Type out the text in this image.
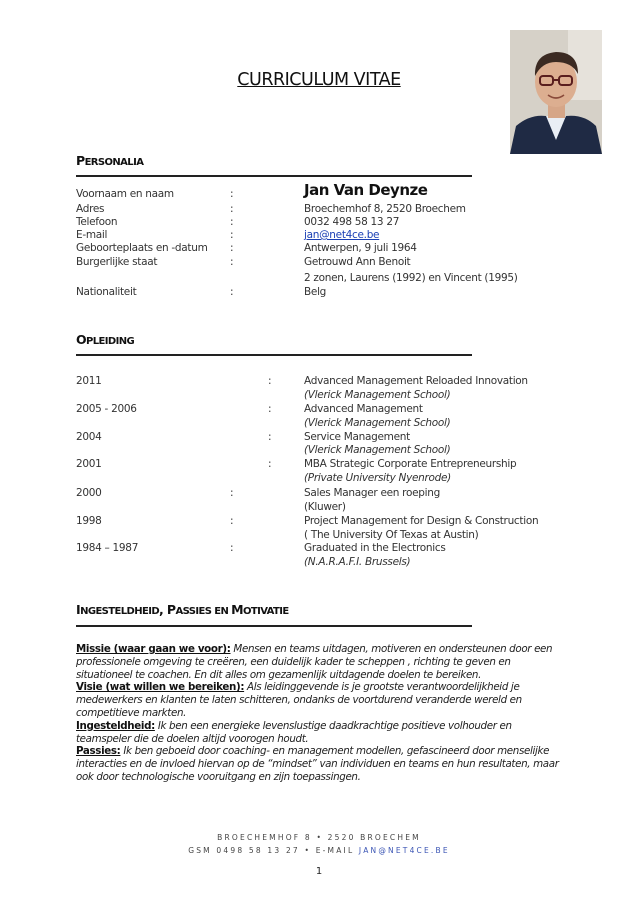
CURRICULUM VITAE
PERSONALIA
Voornaam en naam	:	Jan Van Deynze
Adres	:	Broechemhof 8, 2520 Broechem
Telefoon	:	0032 498 58 13 27
E-mail	:	jan@net4ce.be
Geboorteplaats en -datum :	Antwerpen, 9 juli 1964
Burgerlijke staat	:	Getrouwd Ann Benoit
2 zonen, Laurens (1992) en Vincent (1995)
Nationaliteit	:	Belg
OPLEIDING
2011	:	Advanced Management Reloaded Innovation
(Vlerick Management School)
2005 - 2006	:	Advanced Management
(Vlerick Management School)
2004	:	Service Management
(Vlerick Management School)
2001	:	MBA Strategic Corporate Entrepreneurship
(Private University Nyenrode)
2000	:	Sales Manager een roeping
(Kluwer)
1998	:	Project Management for Design & Construction
( The University Of Texas at Austin)
1984 – 1987	:	Graduated in the Electronics
(N.A.R.A.F.I. Brussels)
INGESTELDHEID, PASSIES EN MOTIVATIE
Missie (waar gaan we voor): Mensen en teams uitdagen, motiveren en ondersteunen door een professionele omgeving te creëren, een duidelijk kader te scheppen , richting te geven en situationeel te coachen. En dit alles om gezamenlijk uitdagende doelen te bereiken.
Visie (wat willen we bereiken): Als leidinggevende is je grootste verantwoordelijkheid je medewerkers en klanten te laten schitteren, ondanks de voortdurend veranderde wereld en competitieve markten.
Ingesteldheid: Ik ben een energieke levenslustige daadkrachtige positieve volhouder en teamspeler die de doelen altijd voorogen houdt.
Passies: Ik ben geboeid door coaching- en management modellen, gefascineerd door menselijke interacties en de invloed hiervan op de “mindset” van individuen en teams en hun resultaten, maar ook door technologische vooruitgang en zijn toepassingen.
BROECHEMHOF 8 • 2520 BROECHEM
GSM 0498 58 13 27 • E-MAIL JAN@NET4CE.BE
1
